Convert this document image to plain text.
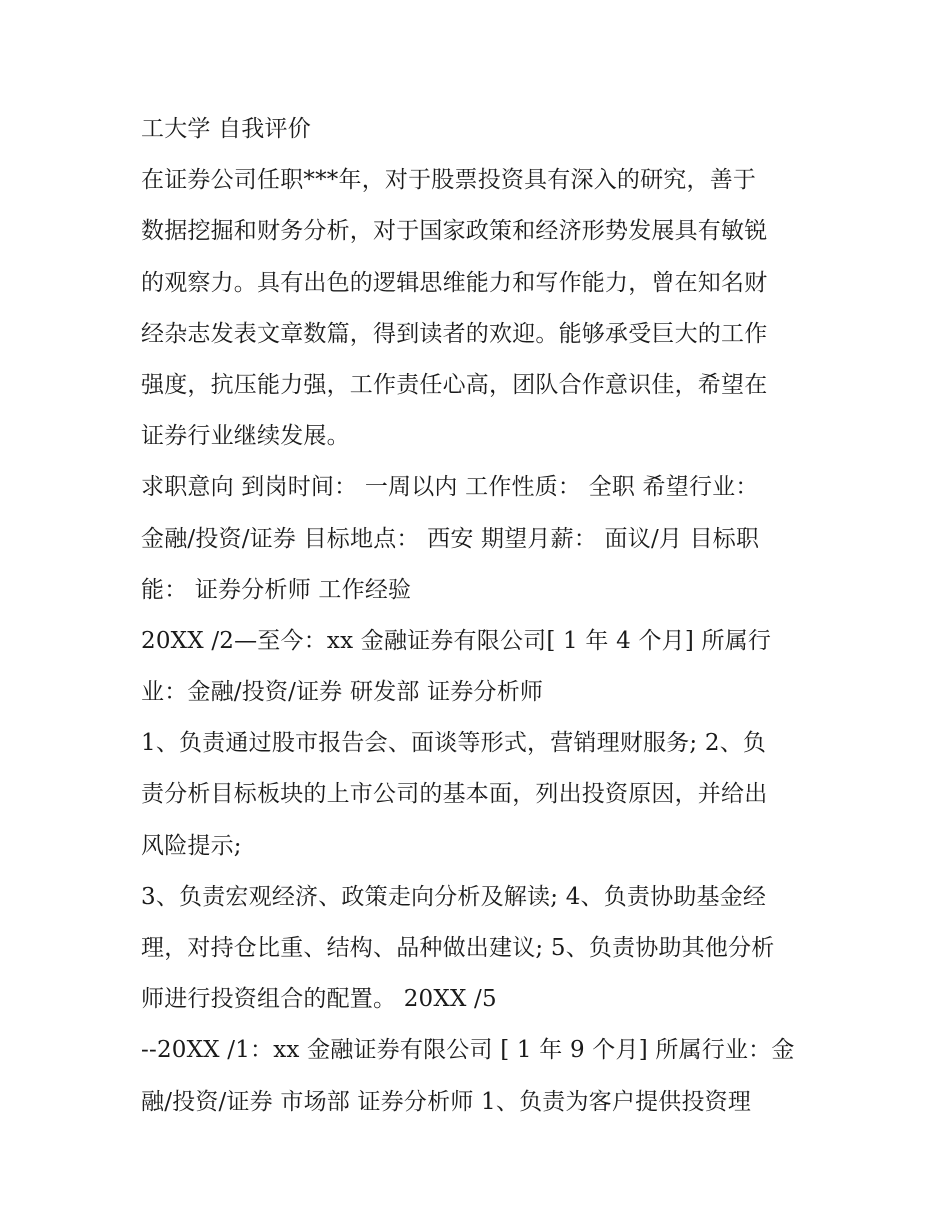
工大学 自我评价
在证券公司任职***年，对于股票投资具有深入的研究，善于
数据挖掘和财务分析，对于国家政策和经济形势发展具有敏锐
的观察力。具有出色的逻辑思维能力和写作能力，曾在知名财
经杂志发表文章数篇，得到读者的欢迎。能够承受巨大的工作
强度，抗压能力强，工作责任心高，团队合作意识佳，希望在
证券行业继续发展。
求职意向 到岗时间： 一周以内 工作性质： 全职 希望行业：
金融/投资/证券 目标地点： 西安 期望月薪： 面议/月 目标职
能： 证券分析师 工作经验
20XX /2—至今：xx 金融证券有限公司[ 1 年 4 个月] 所属行
业：金融/投资/证券 研发部 证券分析师
1、负责通过股市报告会、面谈等形式，营销理财服务; 2、负
责分析目标板块的上市公司的基本面，列出投资原因，并给出
风险提示;
3、负责宏观经济、政策走向分析及解读; 4、负责协助基金经
理，对持仓比重、结构、品种做出建议; 5、负责协助其他分析
师进行投资组合的配置。 20XX /5
--20XX /1：xx 金融证券有限公司 [ 1 年 9 个月] 所属行业：金
融/投资/证券 市场部 证券分析师 1、负责为客户提供投资理
